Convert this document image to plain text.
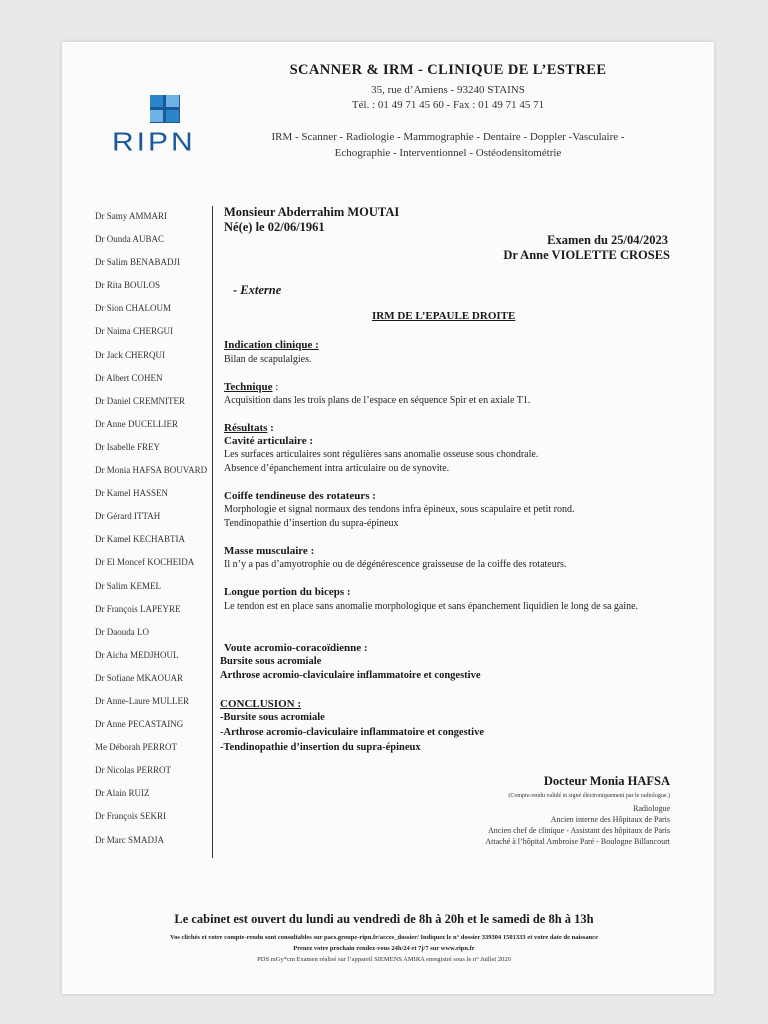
RIPN
SCANNER & IRM - CLINIQUE DE L’ESTREE
35, rue d’Amiens - 93240 STAINS
Tél. : 01 49 71 45 60 - Fax : 01 49 71 45 71
IRM - Scanner - Radiologie - Mammographie - Dentaire - Doppler -Vasculaire -
Echographie - Interventionnel - Ostéodensitométrie
Dr Samy AMMARI
Dr Ounda AUBAC
Dr Salim BENABADJI
Dr Rita BOULOS
Dr Sion CHALOUM
Dr Naima CHERGUI
Dr Jack CHERQUI
Dr Albert COHEN
Dr Daniel CREMNITER
Dr Anne DUCELLIER
Dr Isabelle FREY
Dr Monia HAFSA BOUVARD
Dr Kamel HASSEN
Dr Gérard ITTAH
Dr Kamel KECHABTIA
Dr El Moncef KOCHEIDA
Dr Salim KEMEL
Dr François LAPEYRE
Dr Daouda LO
Dr Aicha MEDJHOUL
Dr Sofiane MKAOUAR
Dr Anne-Laure MULLER
Dr Anne PECASTAING
Me Déborah PERROT
Dr Nicolas PERROT
Dr Alain RUIZ
Dr François SEKRI
Dr Marc SMADJA
Monsieur Abderrahim MOUTAI
Né(e) le 02/06/1961
Examen du 25/04/2023
Dr Anne VIOLETTE CROSES
- Externe
IRM DE L’EPAULE DROITE
Indication clinique :
Bilan de scapulalgies.
Technique :
Acquisition dans les trois plans de l’espace en séquence Spir et en axiale T1.
Résultats :
Cavité articulaire :
Les surfaces articulaires sont régulières sans anomalie osseuse sous chondrale.
Absence d’épanchement intra articulaire ou de synovite.
Coiffe tendineuse des rotateurs :
Morphologie et signal normaux des tendons infra épineux, sous scapulaire et petit rond.
Tendinopathie d’insertion du supra-épineux
Masse musculaire :
Il n’y a pas d’amyotrophie ou de dégénérescence graisseuse de la coiffe des rotateurs.
Longue portion du biceps :
Le tendon est en place sans anomalie morphologique et sans épanchement liquidien le long de sa gaine.
Voute acromio-coracoïdienne :
Bursite sous acromiale
Arthrose acromio-claviculaire inflammatoire et congestive
CONCLUSION :
-Bursite sous acromiale
-Arthrose acromio-claviculaire inflammatoire et congestive
-Tendinopathie d’insertion du supra-épineux
Docteur Monia HAFSA
(Compte-rendu validé et signé électroniquement par le radiologue.)
Radiologue
Ancien interne des Hôpitaux de Paris
Ancien chef de clinique - Assistant des hôpitaux de Paris
Attaché à l’hôpital Ambroise Paré - Boulogne Billancourt
Le cabinet est ouvert du lundi au vendredi de 8h à 20h et le samedi de 8h à 13h
Vos clichés et votre compte-rendu sont consultables sur pacs.groupe-ripn.fr/acces_dossier/ Indiquez le n° dossier 339304 1501333 et votre date de naissance
Prenez votre prochain rendez-vous 24h/24 et 7j/7 sur www.ripn.fr
PDS mGy*cm Examen réalisé sur l’appareil SIEMENS AMIRA enregistré sous le n° Juillet 2020
